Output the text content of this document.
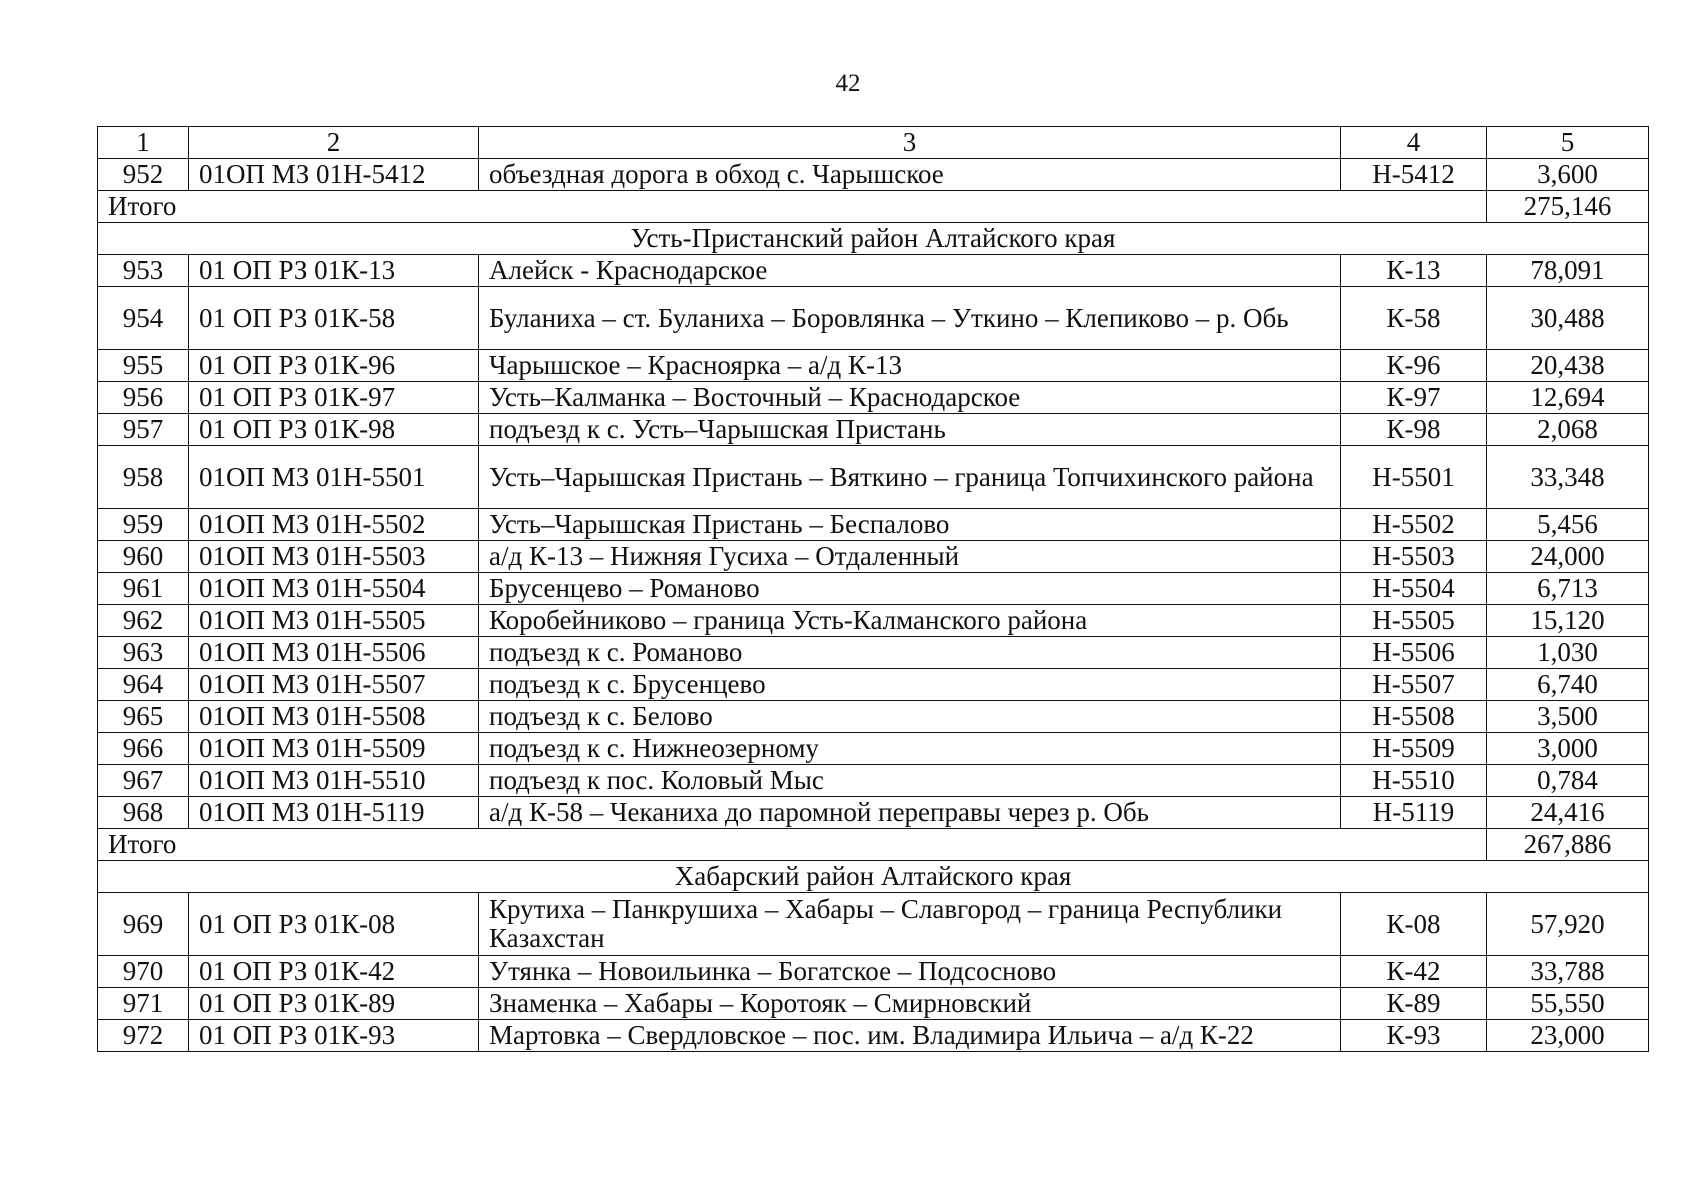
42
1	2	3	4	5
952	01ОП МЗ 01Н-5412	объездная дорога в обход с. Чарышское	Н-5412	3,600
Итого				275,146
Усть-Пристанский район Алтайского края				
953	01 ОП РЗ 01К-13	Алейск - Краснодарское	К-13	78,091
954	01 ОП РЗ 01К-58	Буланиха – ст. Буланиха – Боровлянка – Уткино – Клепиково – р. Обь	К-58	30,488
955	01 ОП РЗ 01К-96	Чарышское – Красноярка – а/д К-13	К-96	20,438
956	01 ОП РЗ 01К-97	Усть–Калманка – Восточный – Краснодарское	К-97	12,694
957	01 ОП РЗ 01К-98	подъезд к с. Усть–Чарышская Пристань	К-98	2,068
958	01ОП МЗ 01Н-5501	Усть–Чарышская Пристань – Вяткино – граница Топчихинского района	Н-5501	33,348
959	01ОП МЗ 01Н-5502	Усть–Чарышская Пристань – Беспалово	Н-5502	5,456
960	01ОП МЗ 01Н-5503	а/д К-13 – Нижняя Гусиха – Отдаленный	Н-5503	24,000
961	01ОП МЗ 01Н-5504	Брусенцево – Романово	Н-5504	6,713
962	01ОП МЗ 01Н-5505	Коробейниково – граница Усть-Калманского района	Н-5505	15,120
963	01ОП МЗ 01Н-5506	подъезд к с. Романово	Н-5506	1,030
964	01ОП МЗ 01Н-5507	подъезд к с. Брусенцево	Н-5507	6,740
965	01ОП МЗ 01Н-5508	подъезд к с. Белово	Н-5508	3,500
966	01ОП МЗ 01Н-5509	подъезд к с. Нижнеозерному	Н-5509	3,000
967	01ОП МЗ 01Н-5510	подъезд к пос. Коловый Мыс	Н-5510	0,784
968	01ОП МЗ 01Н-5119	а/д К-58 – Чеканиха до паромной переправы через р. Обь	Н-5119	24,416
Итого				267,886
Хабарский район Алтайского края				
969	01 ОП РЗ 01К-08	Крутиха – Панкрушиха – Хабары – Славгород – граница Республики Казахстан	К-08	57,920
970	01 ОП РЗ 01К-42	Утянка – Новоильинка – Богатское – Подсосново	К-42	33,788
971	01 ОП РЗ 01К-89	Знаменка – Хабары – Коротояк – Смирновский	К-89	55,550
972	01 ОП РЗ 01К-93	Мартовка – Свердловское – пос. им. Владимира Ильича – а/д К-22	К-93	23,000
